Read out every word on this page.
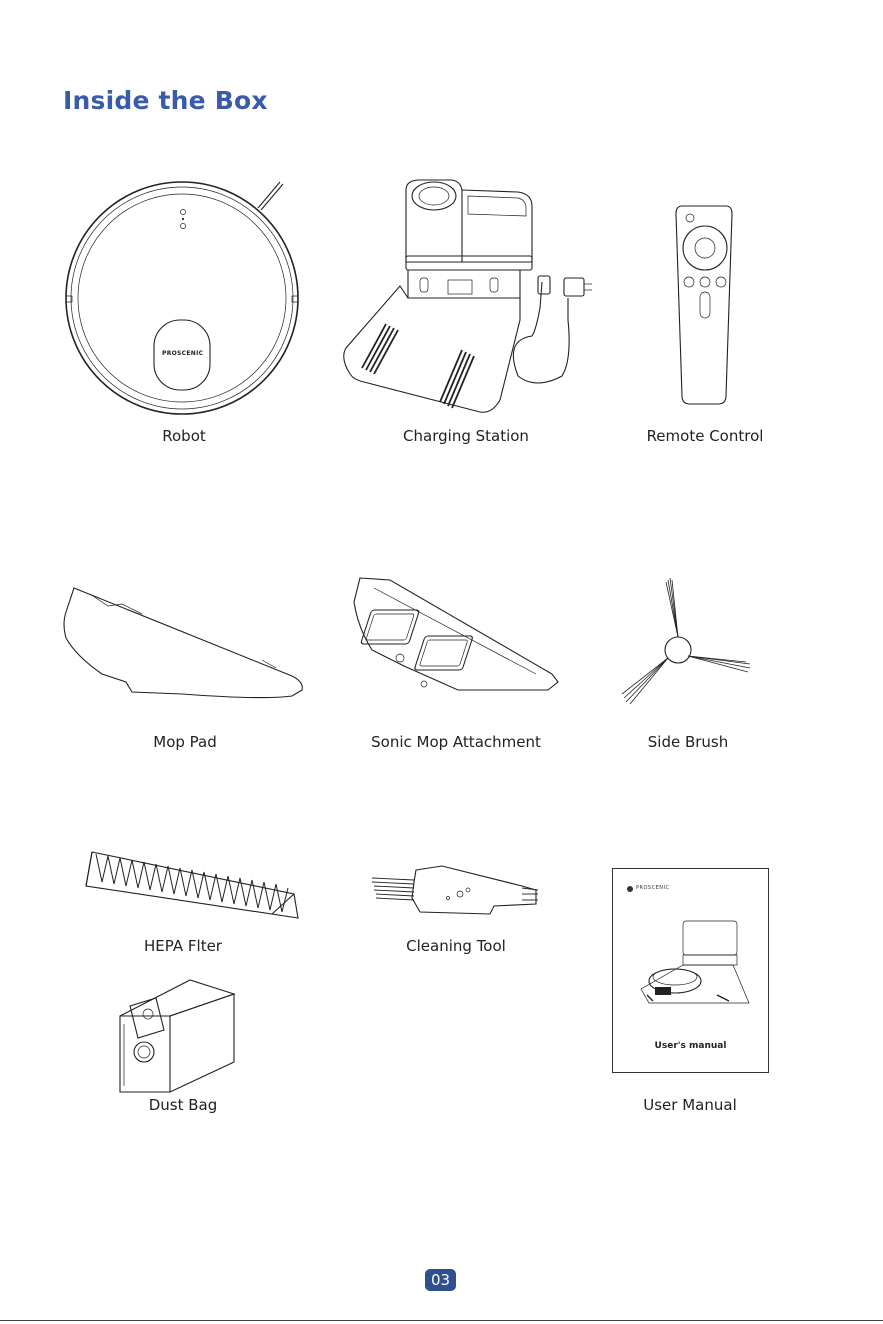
Inside the Box
PROSCENIC
Robot	Charging Station	Remote Control
Mop Pad	Sonic Mop Attachment	Side Brush
HEPA Flter	Cleaning Tool
Dust Bag
PROSCENIC
User's manual
User Manual
03
